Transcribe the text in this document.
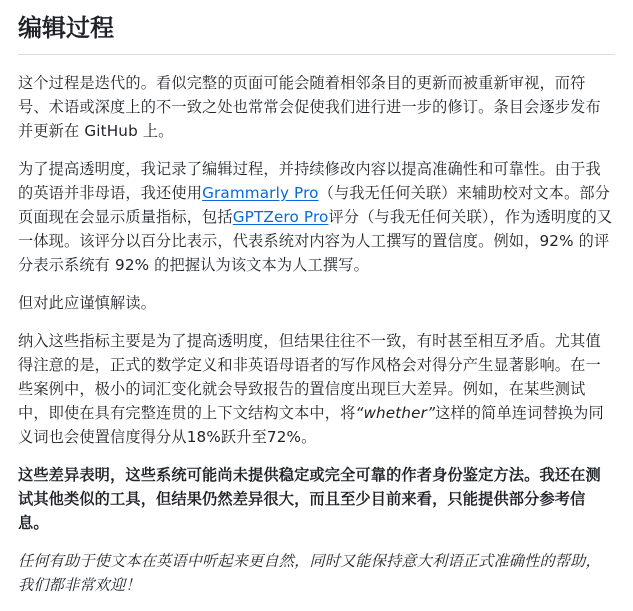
编辑过程

这个过程是迭代的。看似完整的页面可能会随着相邻条目的更新而被重新审视，而符号、术语或深度上的不一致之处也常常会促使我们进行进一步的修订。条目会逐步发布并更新在 GitHub 上。

为了提高透明度，我记录了编辑过程，并持续修改内容以提高准确性和可靠性。由于我的英语并非母语，我还使用Grammarly Pro（与我无任何关联）来辅助校对文本。部分页面现在会显示质量指标，包括GPTZero Pro评分（与我无任何关联），作为透明度的又一体现。该评分以百分比表示，代表系统对内容为人工撰写的置信度。例如，92% 的评分表示系统有 92% 的把握认为该文本为人工撰写。

但对此应谨慎解读。

纳入这些指标主要是为了提高透明度，但结果往往不一致，有时甚至相互矛盾。尤其值得注意的是，正式的数学定义和非英语母语者的写作风格会对得分产生显著影响。在一些案例中，极小的词汇变化就会导致报告的置信度出现巨大差异。例如，在某些测试中，即使在具有完整连贯的上下文结构文本中，将“whether”这样的简单连词替换为同义词也会使置信度得分从18%跃升至72%。

这些差异表明，这些系统可能尚未提供稳定或完全可靠的作者身份鉴定方法。我还在测试其他类似的工具，但结果仍然差异很大，而且至少目前来看，只能提供部分参考信息。

任何有助于使文本在英语中听起来更自然，同时又能保持意大利语正式准确性的帮助，我们都非常欢迎！
